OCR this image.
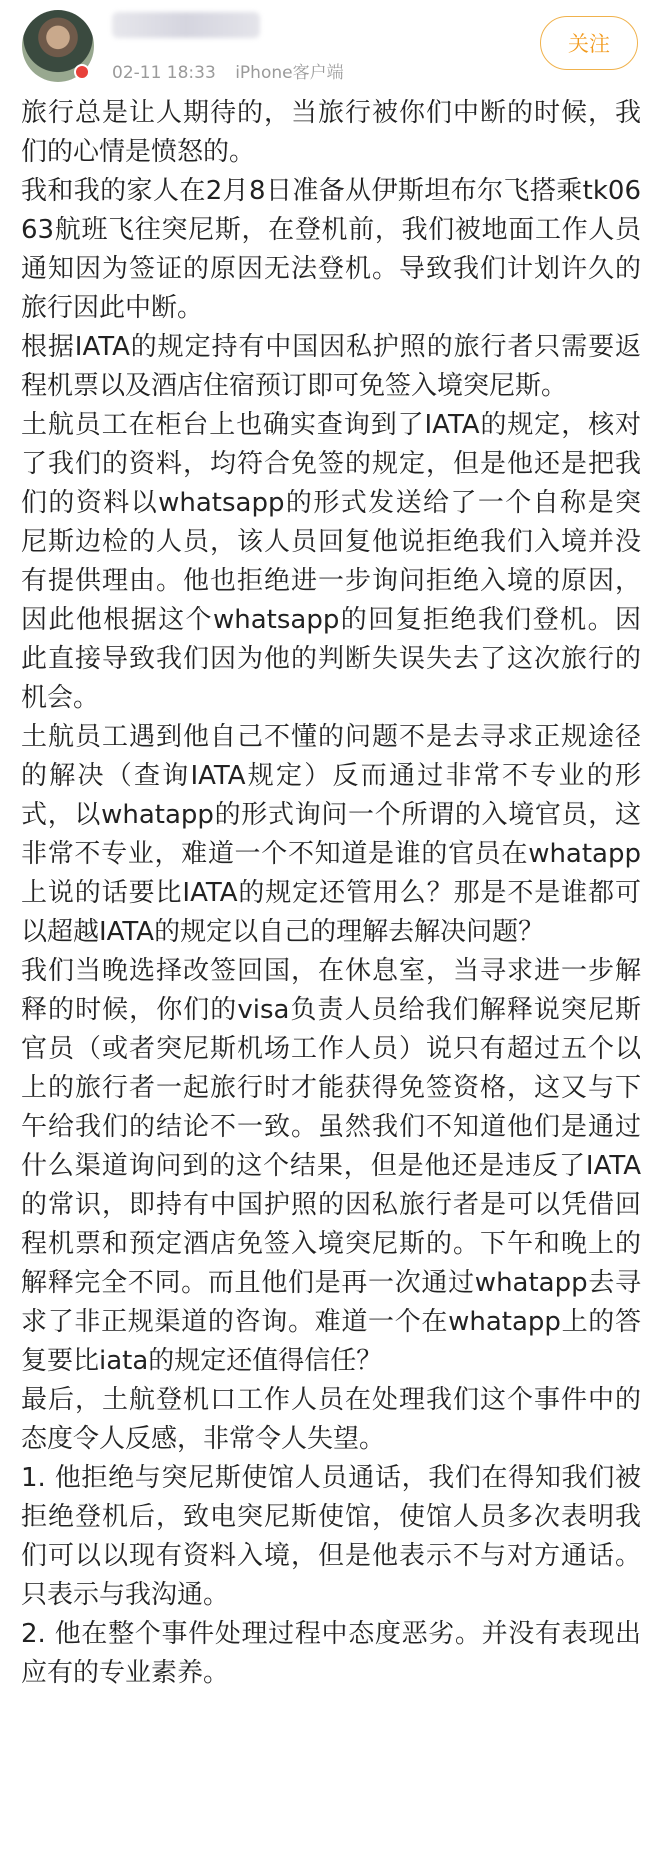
02-11 18:33 iPhone客户端
关注

旅行总是让人期待的，当旅行被你们中断的时候，我们的心情是愤怒的。

我和我的家人在2月8日准备从伊斯坦布尔飞搭乘tk0663航班飞往突尼斯，在登机前，我们被地面工作人员通知因为签证的原因无法登机。导致我们计划许久的旅行因此中断。

根据IATA的规定持有中国因私护照的旅行者只需要返程机票以及酒店住宿预订即可免签入境突尼斯。

土航员工在柜台上也确实查询到了IATA的规定，核对了我们的资料，均符合免签的规定，但是他还是把我们的资料以whatsapp的形式发送给了一个自称是突尼斯边检的人员，该人员回复他说拒绝我们入境并没有提供理由。他也拒绝进一步询问拒绝入境的原因，因此他根据这个whatsapp的回复拒绝我们登机。因此直接导致我们因为他的判断失误失去了这次旅行的机会。

土航员工遇到他自己不懂的问题不是去寻求正规途径的解决（查询IATA规定）反而通过非常不专业的形式，以whatapp的形式询问一个所谓的入境官员，这非常不专业，难道一个不知道是谁的官员在whatapp上说的话要比IATA的规定还管用么？那是不是谁都可以超越IATA的规定以自己的理解去解决问题？

我们当晚选择改签回国，在休息室，当寻求进一步解释的时候，你们的visa负责人员给我们解释说突尼斯官员（或者突尼斯机场工作人员）说只有超过五个以上的旅行者一起旅行时才能获得免签资格，这又与下午给我们的结论不一致。虽然我们不知道他们是通过什么渠道询问到的这个结果，但是他还是违反了IATA的常识，即持有中国护照的因私旅行者是可以凭借回程机票和预定酒店免签入境突尼斯的。下午和晚上的解释完全不同。而且他们是再一次通过whatapp去寻求了非正规渠道的咨询。难道一个在whatapp上的答复要比iata的规定还值得信任？

最后，土航登机口工作人员在处理我们这个事件中的态度令人反感，非常令人失望。

1. 他拒绝与突尼斯使馆人员通话，我们在得知我们被拒绝登机后，致电突尼斯使馆，使馆人员多次表明我们可以以现有资料入境，但是他表示不与对方通话。只表示与我沟通。

2. 他在整个事件处理过程中态度恶劣。并没有表现出应有的专业素养。
